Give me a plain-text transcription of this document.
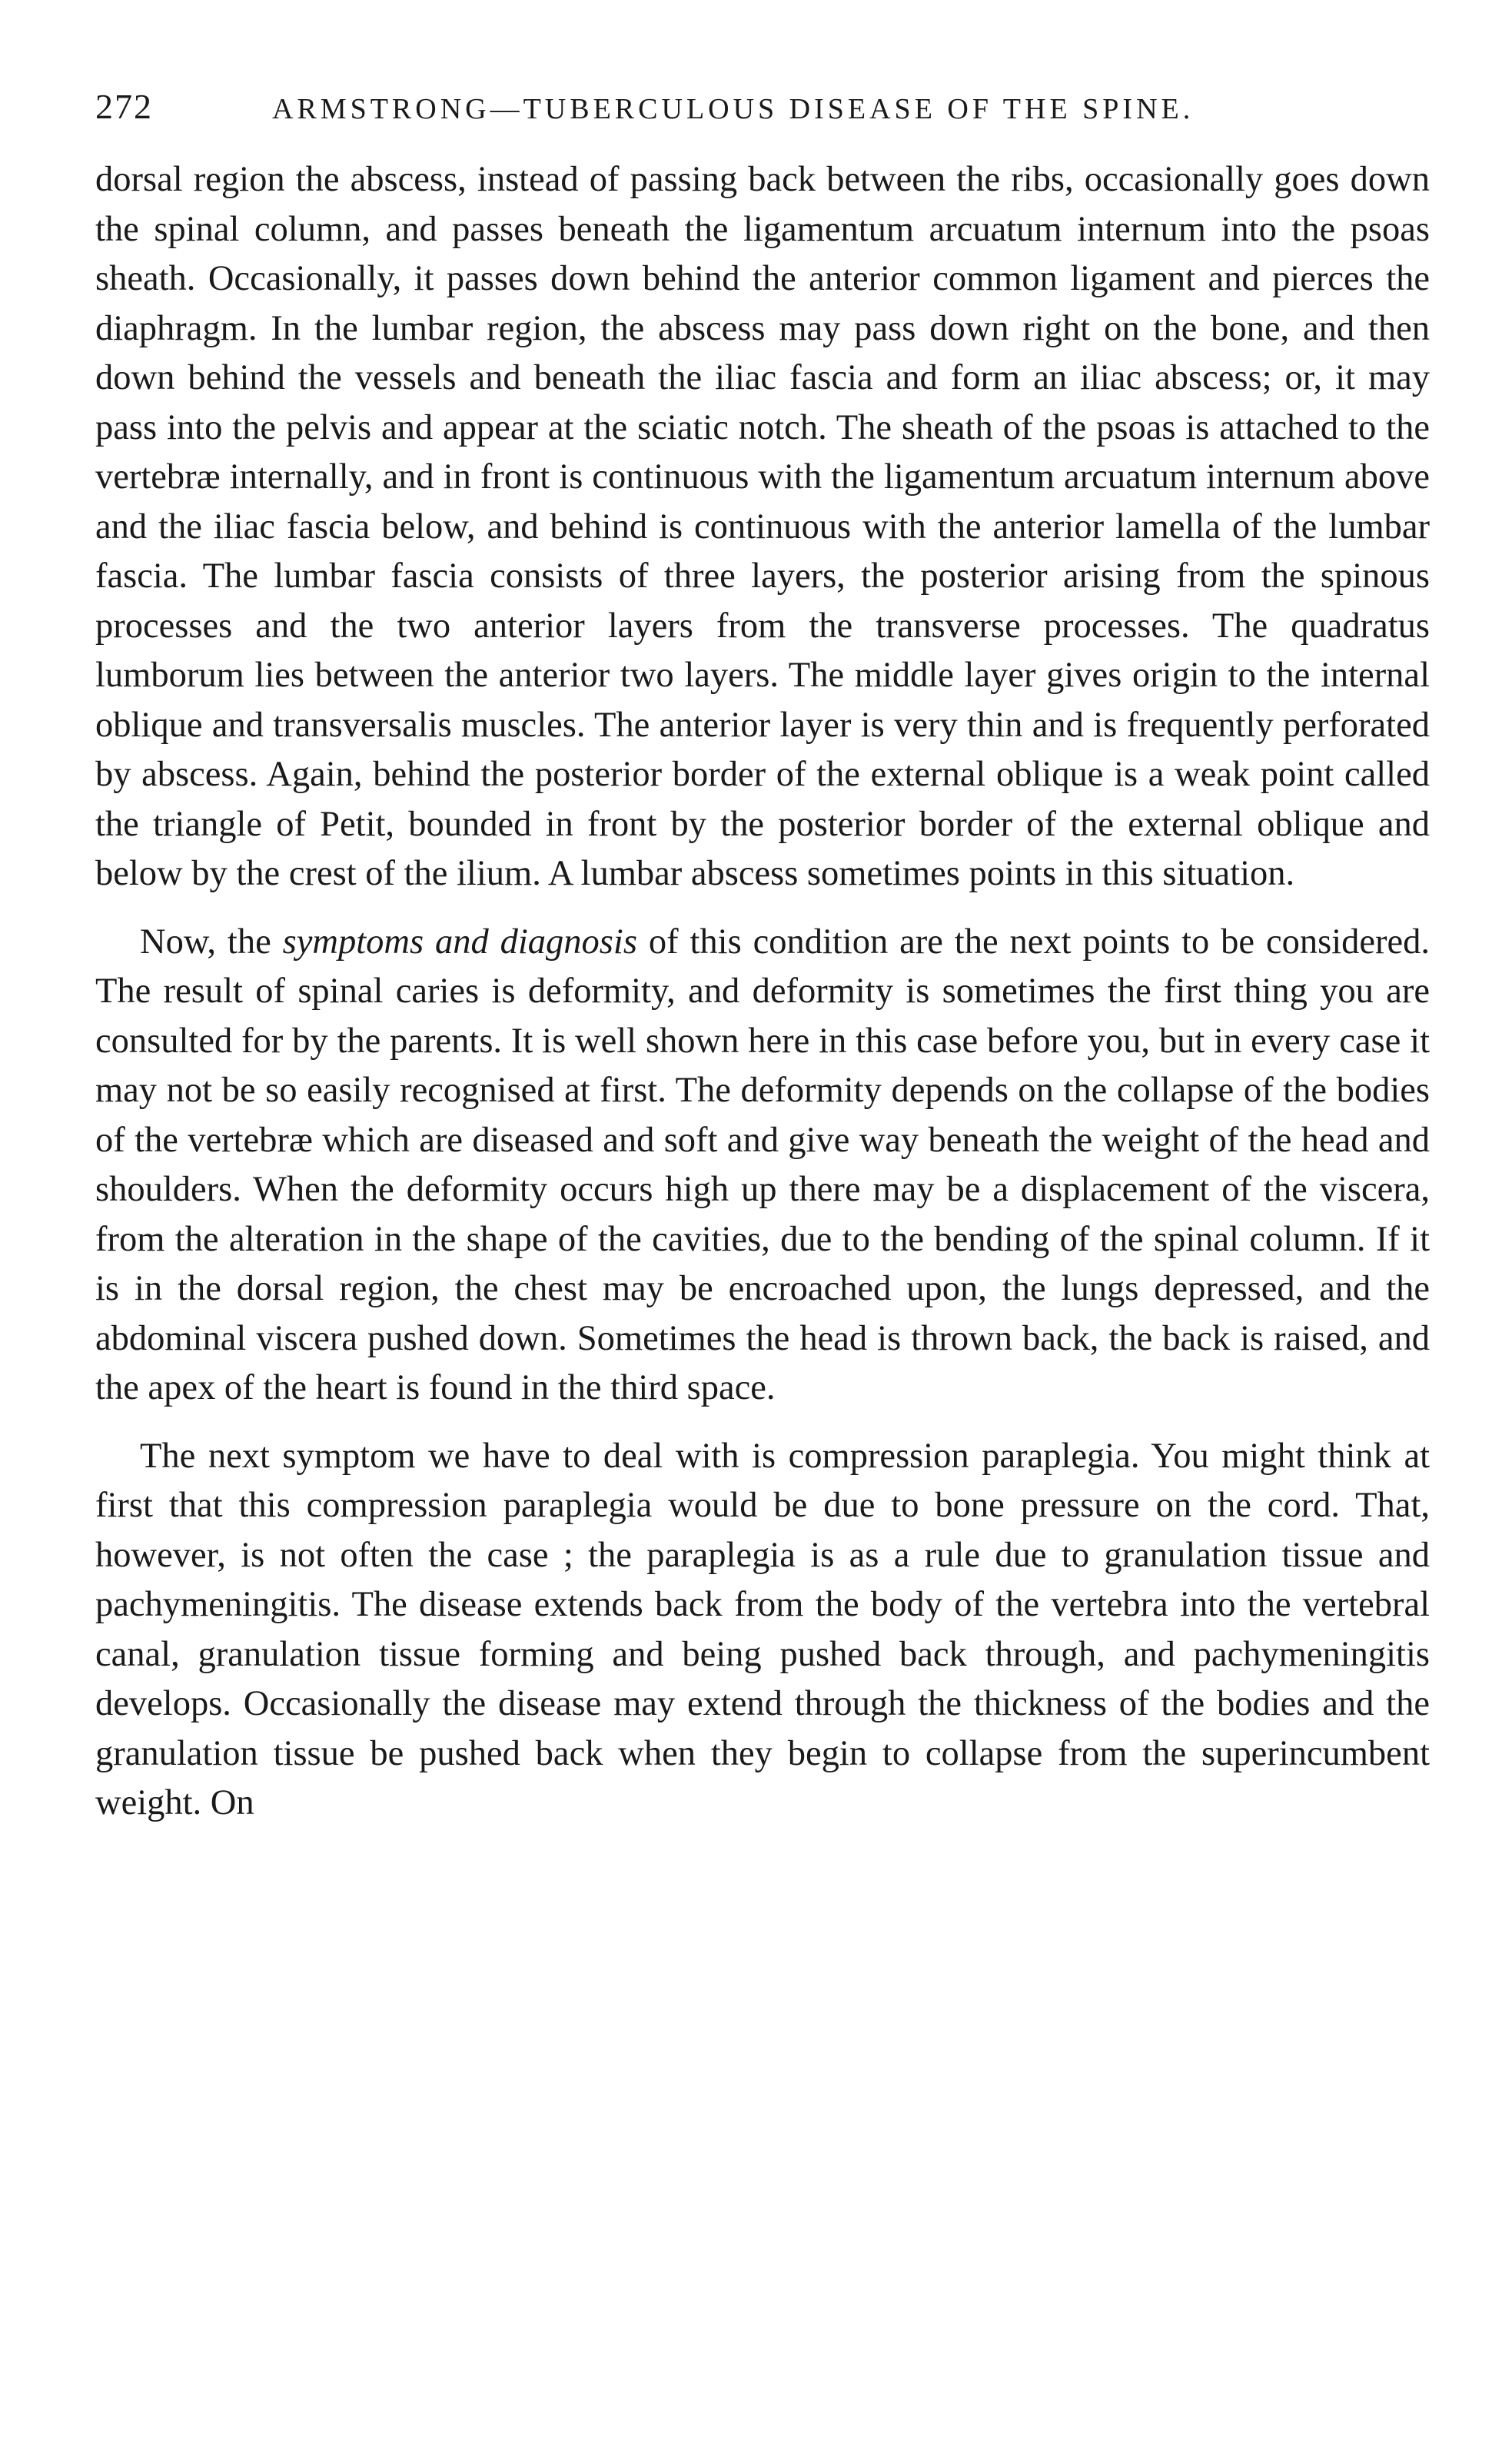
272	ARMSTRONG—TUBERCULOUS DISEASE OF THE SPINE.

dorsal region the abscess, instead of passing back between the ribs, occasionally goes down the spinal column, and passes beneath the ligamentum arcuatum internum into the psoas sheath. Occasionally, it passes down behind the anterior common ligament and pierces the diaphragm. In the lumbar region, the abscess may pass down right on the bone, and then down behind the vessels and beneath the iliac fascia and form an iliac abscess; or, it may pass into the pelvis and appear at the sciatic notch. The sheath of the psoas is attached to the vertebræ internally, and in front is continuous with the ligamentum arcuatum internum above and the iliac fascia below, and behind is continuous with the anterior lamella of the lumbar fascia. The lumbar fascia consists of three layers, the posterior arising from the spinous processes and the two anterior layers from the transverse processes. The quadratus lumborum lies between the anterior two layers. The middle layer gives origin to the internal oblique and transversalis muscles. The anterior layer is very thin and is frequently perforated by abscess. Again, behind the posterior border of the external oblique is a weak point called the triangle of Petit, bounded in front by the posterior border of the external oblique and below by the crest of the ilium. A lumbar abscess sometimes points in this situation.

Now, the symptoms and diagnosis of this condition are the next points to be considered. The result of spinal caries is deformity, and deformity is sometimes the first thing you are consulted for by the parents. It is well shown here in this case before you, but in every case it may not be so easily recognised at first. The deformity depends on the collapse of the bodies of the vertebræ which are diseased and soft and give way beneath the weight of the head and shoulders. When the deformity occurs high up there may be a displacement of the viscera, from the alteration in the shape of the cavities, due to the bending of the spinal column. If it is in the dorsal region, the chest may be encroached upon, the lungs depressed, and the abdominal viscera pushed down. Sometimes the head is thrown back, the back is raised, and the apex of the heart is found in the third space.

The next symptom we have to deal with is compression paraplegia. You might think at first that this compression paraplegia would be due to bone pressure on the cord. That, however, is not often the case ; the paraplegia is as a rule due to granulation tissue and pachymeningitis. The disease extends back from the body of the vertebra into the vertebral canal, granulation tissue forming and being pushed back through, and pachymeningitis develops. Occasionally the disease may extend through the thickness of the bodies and the granulation tissue be pushed back when they begin to collapse from the superincumbent weight. On
